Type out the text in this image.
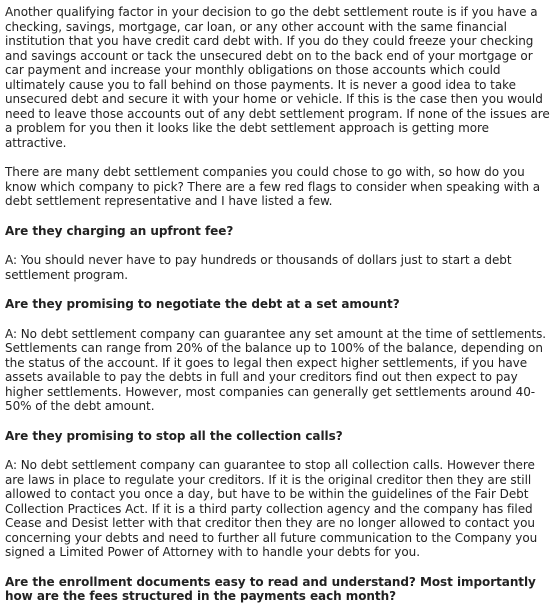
Another qualifying factor in your decision to go the debt settlement route is if you have a checking, savings, mortgage, car loan, or any other account with the same financial institution that you have credit card debt with. If you do they could freeze your checking and savings account or tack the unsecured debt on to the back end of your mortgage or car payment and increase your monthly obligations on those accounts which could ultimately cause you to fall behind on those payments. It is never a good idea to take unsecured debt and secure it with your home or vehicle. If this is the case then you would need to leave those accounts out of any debt settlement program. If none of the issues are a problem for you then it looks like the debt settlement approach is getting more attractive.

There are many debt settlement companies you could chose to go with, so how do you know which company to pick? There are a few red flags to consider when speaking with a debt settlement representative and I have listed a few.

Are they charging an upfront fee?

A: You should never have to pay hundreds or thousands of dollars just to start a debt settlement program.

Are they promising to negotiate the debt at a set amount?

A: No debt settlement company can guarantee any set amount at the time of settlements. Settlements can range from 20% of the balance up to 100% of the balance, depending on the status of the account. If it goes to legal then expect higher settlements, if you have assets available to pay the debts in full and your creditors find out then expect to pay higher settlements. However, most companies can generally get settlements around 40-50% of the debt amount.

Are they promising to stop all the collection calls?

A: No debt settlement company can guarantee to stop all collection calls. However there are laws in place to regulate your creditors. If it is the original creditor then they are still allowed to contact you once a day, but have to be within the guidelines of the Fair Debt Collection Practices Act. If it is a third party collection agency and the company has filed Cease and Desist letter with that creditor then they are no longer allowed to contact you concerning your debts and need to further all future communication to the Company you signed a Limited Power of Attorney with to handle your debts for you.

Are the enrollment documents easy to read and understand? Most importantly how are the fees structured in the payments each month?
